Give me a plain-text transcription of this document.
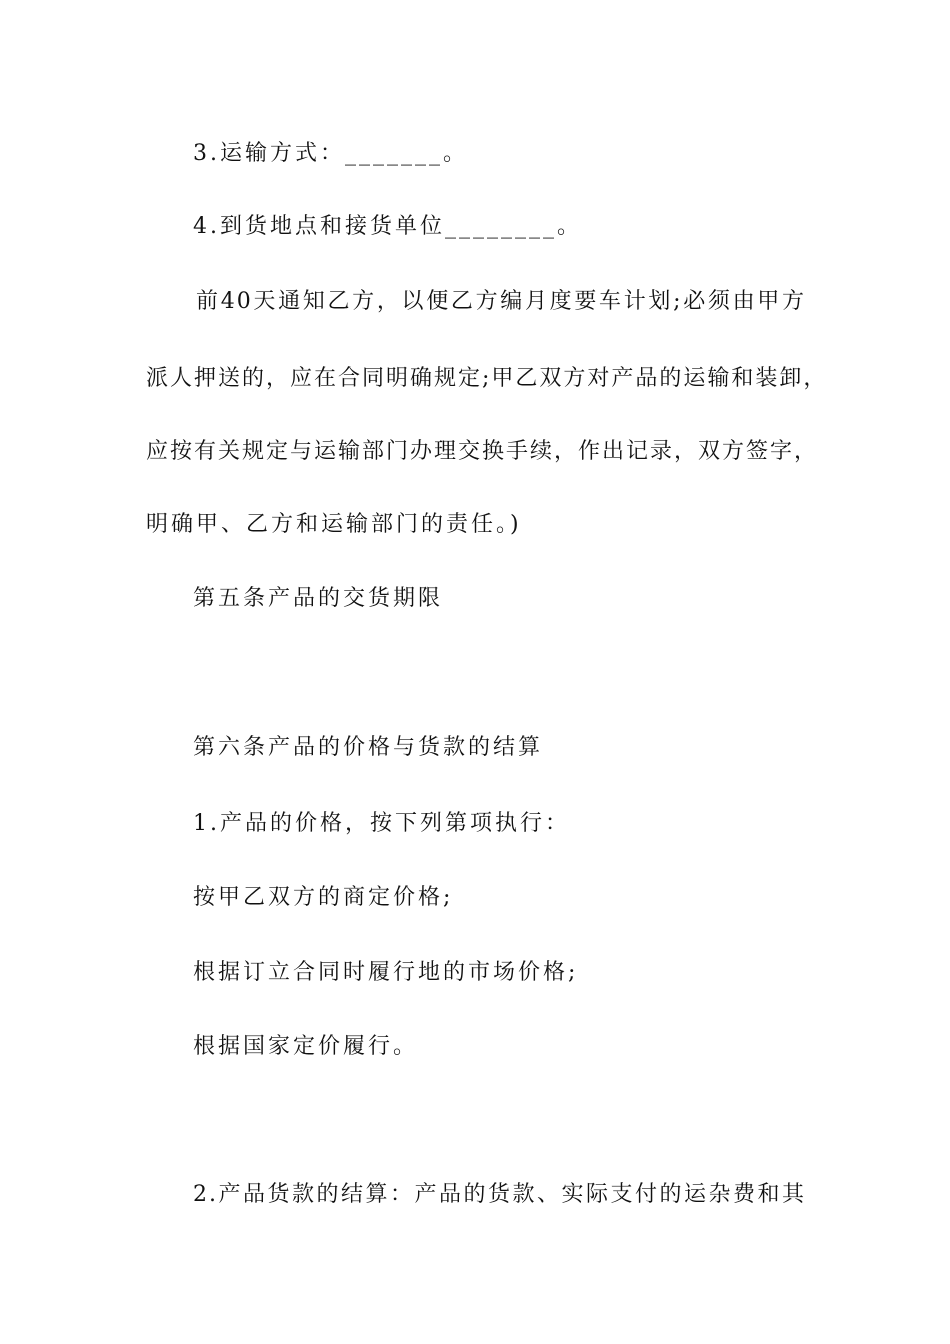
3.运输方式：_______。
4.到货地点和接货单位________。
前40天通知乙方，以便乙方编月度要车计划;必须由甲方
派人押送的，应在合同明确规定;甲乙双方对产品的运输和装卸，
应按有关规定与运输部门办理交换手续，作出记录，双方签字，
明确甲、乙方和运输部门的责任。)
第五条产品的交货期限
第六条产品的价格与货款的结算
1.产品的价格，按下列第项执行：
按甲乙双方的商定价格;
根据订立合同时履行地的市场价格;
根据国家定价履行。
2.产品货款的结算：产品的货款、实际支付的运杂费和其
